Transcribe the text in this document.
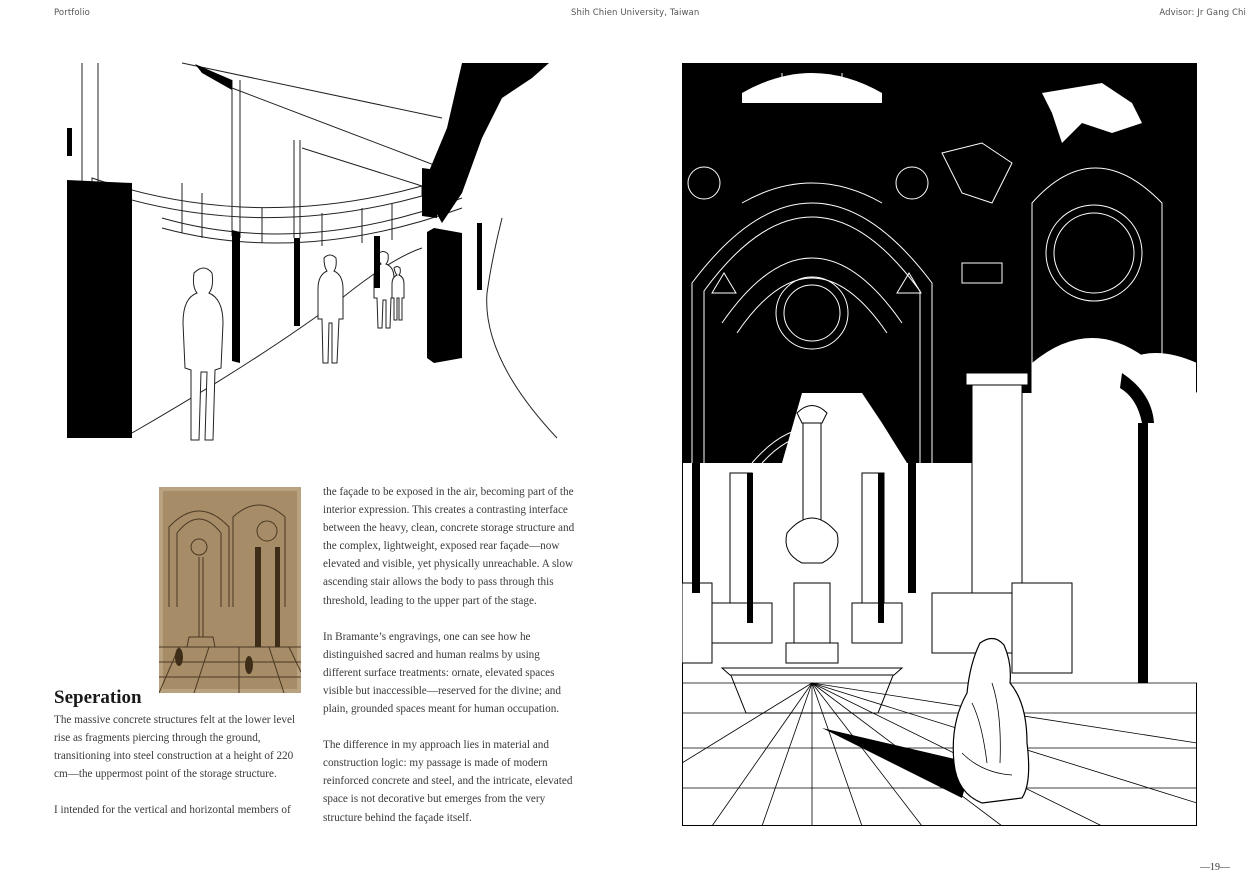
Portfolio	Shih Chien University, Taiwan	Advisor: Jr Gang Chi
Seperation

The massive concrete structures felt at the lower level rise as fragments piercing through the ground, transitioning into steel construction at a height of 220 cm—the uppermost point of the storage structure.

I intended for the vertical and horizontal members of

the façade to be exposed in the air, becoming part of the interior expression. This creates a contrasting interface between the heavy, clean, concrete storage structure and the complex, lightweight, exposed rear façade—now elevated and visible, yet physically unreachable. A slow ascending stair allows the body to pass through this threshold, leading to the upper part of the stage.

In Bramante’s engravings, one can see how he distinguished sacred and human realms by using different surface treatments: ornate, elevated spaces visible but inaccessible—reserved for the divine; and plain, grounded spaces meant for human occupation.

The difference in my approach lies in material and construction logic: my passage is made of modern reinforced concrete and steel, and the intricate, elevated space is not decorative but emerges from the very structure behind the façade itself.

—19—
